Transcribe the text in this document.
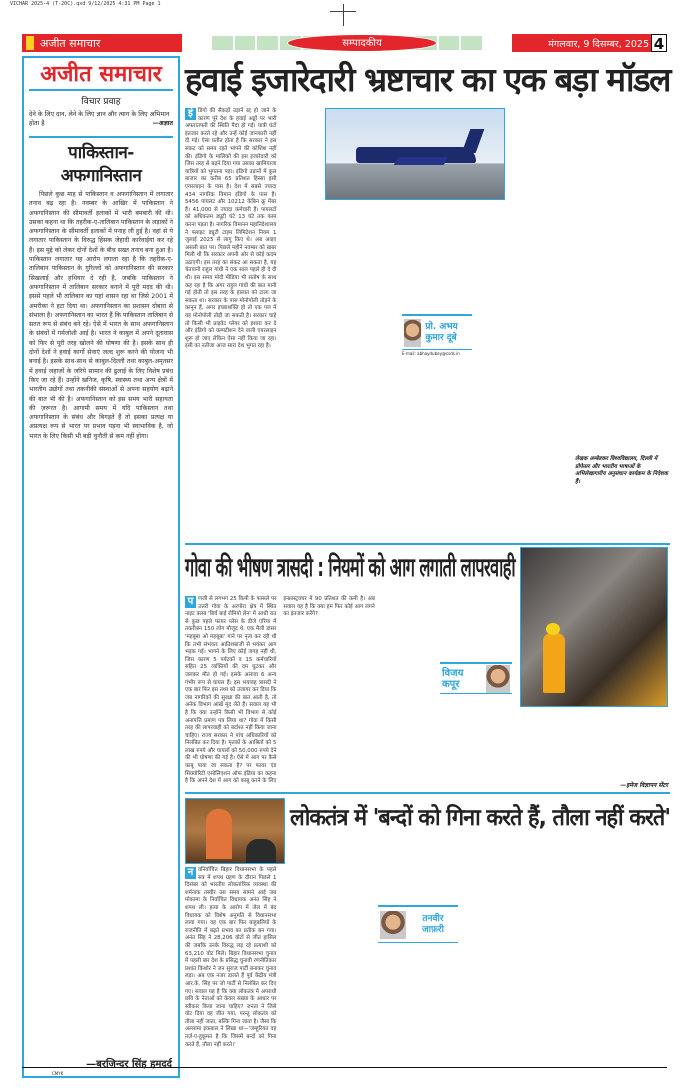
VICHAR 2025-4 (T-20C).qxd 9/12/2025 4:31 PM Page 1
अजीत समाचार	सम्पादकीय	मंगलवार, 9 दिसम्बर, 2025 4
अजीत समाचार
विचार प्रवाह
देने के लिए दान, लेने के लिए ज्ञान और त्याग के लिए अभिमान होता है	—अज्ञात
पाकिस्तान-अफगानिस्तान
पिछले कुछ माह से पाकिस्तान व अफगानिस्तान में लगातार तनाव बढ़ रहा है। नवम्बर के आखिर में पाकिस्तान ने अफगानिस्तान की सीमावर्ती इलाकों में भारी बमबारी की थी। उसका कहना था कि तहरीक-ए-तालिबान पाकिस्तान के लड़ाकों ने अफगानिस्तान के सीमावर्ती इलाकों में पनाह ली हुई है। वहां से ये लगातार पाकिस्तान के विरुद्ध हिंसक जेहादी कार्रवाईयां कर रहे हैं। इस मुद्दे को लेकर दोनों देशों के बीच सख्त तनाव बना हुआ है। पाकिस्तान लगातार यह आरोप लगाता रहा है कि तहरीक-ए-तालिबान पाकिस्तान के गुरिल्लों को अफगानिस्तान की सरकार सिखलाई और हथियार दे रही है, जबकि पाकिस्तान ने अफगानिस्तान में तालिबान सरकार बनाने में पूरी मदद की थी। इससे पहले भी तालिबान का यहां शासन रहा था जिसे 2001 में अमरीका ने हटा दिया था। अफगानिस्तान का प्रशासन दोबारा से संभाला है। अफगानिस्तान का भारत हैं कि पाकिस्तान तालिबान से सतत रूप से संबंध बने रहे। ऐसे में भारत के साथ अफगानिस्तान के संबंधों में गर्मजोशी आई है। भारत ने काबुल में अपने दूतावास को फिर से पूरी तरह खोलने की घोषणा की है। इसके साथ ही दोनों देशों ने हवाई कार्गो सेवाएं जल्द शुरू करने की योजना भी बनाई है। इसके साथ-साथ से काबुल-दिल्ली तथा काबुल-अमृतसर में हवाई जहाजों के जरिये सामान की ढुलाई के लिए विशेष प्रबंध किए जा रहे हैं। उन्होंने खनिज, कृषि, स्वास्थ्य तथा अन्य क्षेत्रों में भारतीय उद्योगों तथा तकनीकी संस्थाओं से अपना सहयोग बढ़ाने की बात भी की है। अफगानिस्तान को इस समय भारी सहायता की ज़रूरत है। आगामी समय में यदि पाकिस्तान तथा अफगानिस्तान के संबंध और बिगड़ते हैं तो इसका प्रत्यक्ष या अप्रत्यक्ष रूप से भारत पर प्रभाव पड़ना भी स्वाभाविक है, जो भारत के लिए किसी भी बड़ी चुनौती से कम नहीं होगा।
—बरजिन्दर सिंह हमदर्द
हवाई इजारेदारी भ्रष्टाचार का एक बड़ा मॉडल
इं डिगो की सैकड़ों उड़ानें रद्द हो जाने के कारण पूरे देश के हवाई अड्डों पर भारी अफरातफरी की स्थिति पैदा हो गई। यात्री घंटों इंतजार करते रहे और उन्हें कोई जानकारी नहीं दी गई। ऐसा प्रतीत होता है कि सरकार ने इस संकट को समय रहते भांपने की कोशिश नहीं की। इंडिगो के मालिकों की इस इजारेदारी को जिस तरह से बढ़ने दिया गया उसका खामियाजा यात्रियों को भुगतना पड़ा। इंडिगो उड़ानों में कुल बाजार का करीब 65 प्रतिशत हिस्सा इसी एयरलाइन के पास है। देश में सबसे ज्यादा 434 नागरिक विमान इंडिगो के पास हैं। 5456 पायलट और 10212 केबिन क्रू मेंबर हैं। 41,000 से ज्यादा कर्मचारी हैं। पायलटों को अधिकतम ड्यूटी घंटे 13 घंटे तक काम करना पड़ता है। नागरिक विमानन महानिदेशालय ने फ्लाइट ड्यूटी टाइम लिमिटेशन नियम 1 जुलाई 2025 से लागू किए थे। अब आइए असली बात पर। पिछले महीने नवम्बर को खबर मिली थी कि सरकार अपनी ओर से कोई कदम उठाएगी। इस तरह का संकट आ सकता है, यह चेतावनी राहुल गांधी ने एक साल पहले ही दे दी थी। इस समय मोदी मीडिया भी संतोष के साथ कह रहा है कि अगर राहुल गांधी की बात मानी गई होती तो इस तरह के हालात को टाला जा सकता था। सरकार के पास मोनोपोली तोड़ने के कानून हैं, अगर इच्छाशक्ति हो तो एक पल में यह मोनोपोली तोड़ी जा सकती है। सरकार चाहे तो किसी भी प्राइवेट प्लेयर को इशारा कर दे और इंडिगो को कम्पटीशन देने वाली एयरलाइन शुरू हो जाए लेकिन ऐसा नहीं किया जा रहा। इसी का नतीजा आज सारा देश भुगत रहा है।
प्रो. अभय कुमार दूबे
E-mail: abhaydubey@csds.in
लेखक अम्बेडकर विश्वविद्यालय, दिल्ली में प्रोफेसर और भारतीय भाषाओं के अभिलेखागारीय अनुसंधान कार्यक्रम के निदेशक हैं।
गोवा की भीषण त्रासदी : नियमों को आग लगाती लापरवाही
प णजी से लगभग 25 किमी के फासले पर उत्तरी गोवा के अरपोरा क्षेत्र में स्थित नाइट क्लब 'बिर्च बाई रोमियो लेन' में आधी रात से कुछ पहले फायर प्लेस के डीजे एरिया में तकरीबन 150 लोग मौजूद थे, एक मैली डांसर 'महबूबा ओ महबूबा' गाने पर नृत्य कर रही थी कि तभी संभवतः आतिशबाजी से भयंकर आग भड़क गई। भागने के लिए कोई जगह नहीं थी, जिस कारण 5 पर्यटकों व 15 कर्मचारियों सहित 25 व्यक्तियों की दम घुटकर और जलकर मौत हो गई। इसके अलावा 6 अन्य गंभीर रूप से घायल हैं। इस भयावह त्रासदी ने एक बार फिर इस तथ्य को उजागर कर दिया कि जब नागरिकों की सुरक्षा की बात आती है, तो अनेक विभाग आंखें मूंद लेते हैं। सवाल यह भी है कि क्या उन्होंने किसी भी विभाग से कोई अनापत्ति प्रमाण पत्र लिया था? गोवा में किसी तरह की लापरवाही को बर्दाश्त नहीं किया जाना चाहिए। राज्य सरकार ने पांच अधिकारियों को निलंबित कर दिया है। मृतकों के आश्रितों को 5 लाख रुपये और घायलों को 50,000 रुपये देने की भी घोषणा की गई है। ऐसे में आग पर कैसे काबू पाया जा सकता है? पर फायर एंड सिक्योरिटी एसोसिएशन ऑफ इंडिया का कहना है कि अपने देश में आग को काबू करने के लिए इन्फ्रास्ट्रक्चर में 90 प्रतिशत की कमी है। अब सवाल यह है कि क्या हम फिर कोई आग लगने का इंतजार करेंगे?
विजय कपूर
—इमेज विज्ञापन सेंटर
लोकतंत्र में 'बन्दों को गिना करते हैं, तौला नहीं करते'
न वनिर्वाचित बिहार विधानसभा के पहले सत्र में शपथ ग्रहण के दौरान पिछले 1 दिसंबर को भारतीय लोकतांत्रिक व्यवस्था की शर्मनाक तस्वीर उस समय सामने आई जब मोकामा के निर्वाचित विधायक अनंत सिंह ने शपथ ली। हत्या के आरोप में जेल में बंद विधायक को विशेष अनुमति से विधानसभा लाया गया। वह एक बार फिर बाहुबलियों के राजनीति में बढ़ते प्रभाव का प्रतीक बन गया। अनंत सिंह ने 28,206 वोटों से जीत हासिल की जबकि उनके विरुद्ध लड़ रहे प्रत्याशी को 63,210 वोट मिले। बिहार विधानसभा चुनाव में पहली बार देश के प्रसिद्ध चुनावी रणनीतिकार प्रशांत किशोर ने जन सुराज पार्टी बनाकर चुनाव लड़ा। अब एक नजर डालते हैं पूर्व केंद्रीय मंत्री आर.के. सिंह पर जो पार्टी से निलंबित कर दिए गए। सवाल यह है कि क्या लोकतंत्र में अपराधी छवि के नेताओं को केवल संख्या के आधार पर स्वीकार किया जाना चाहिए? जनता ने जिसे वोट दिया वह जीत गया, परन्तु लोकतंत्र को तौला नहीं जाता, बल्कि गिना जाता है। जैसा कि अल्लामा इकबाल ने लिखा था—'जम्हूरियत वह तर्ज़-ए-हुकूमत है कि जिसमें बन्दों को गिना करते हैं, तौला नहीं करते।'
तनवीर जाफ़री
CMYK
